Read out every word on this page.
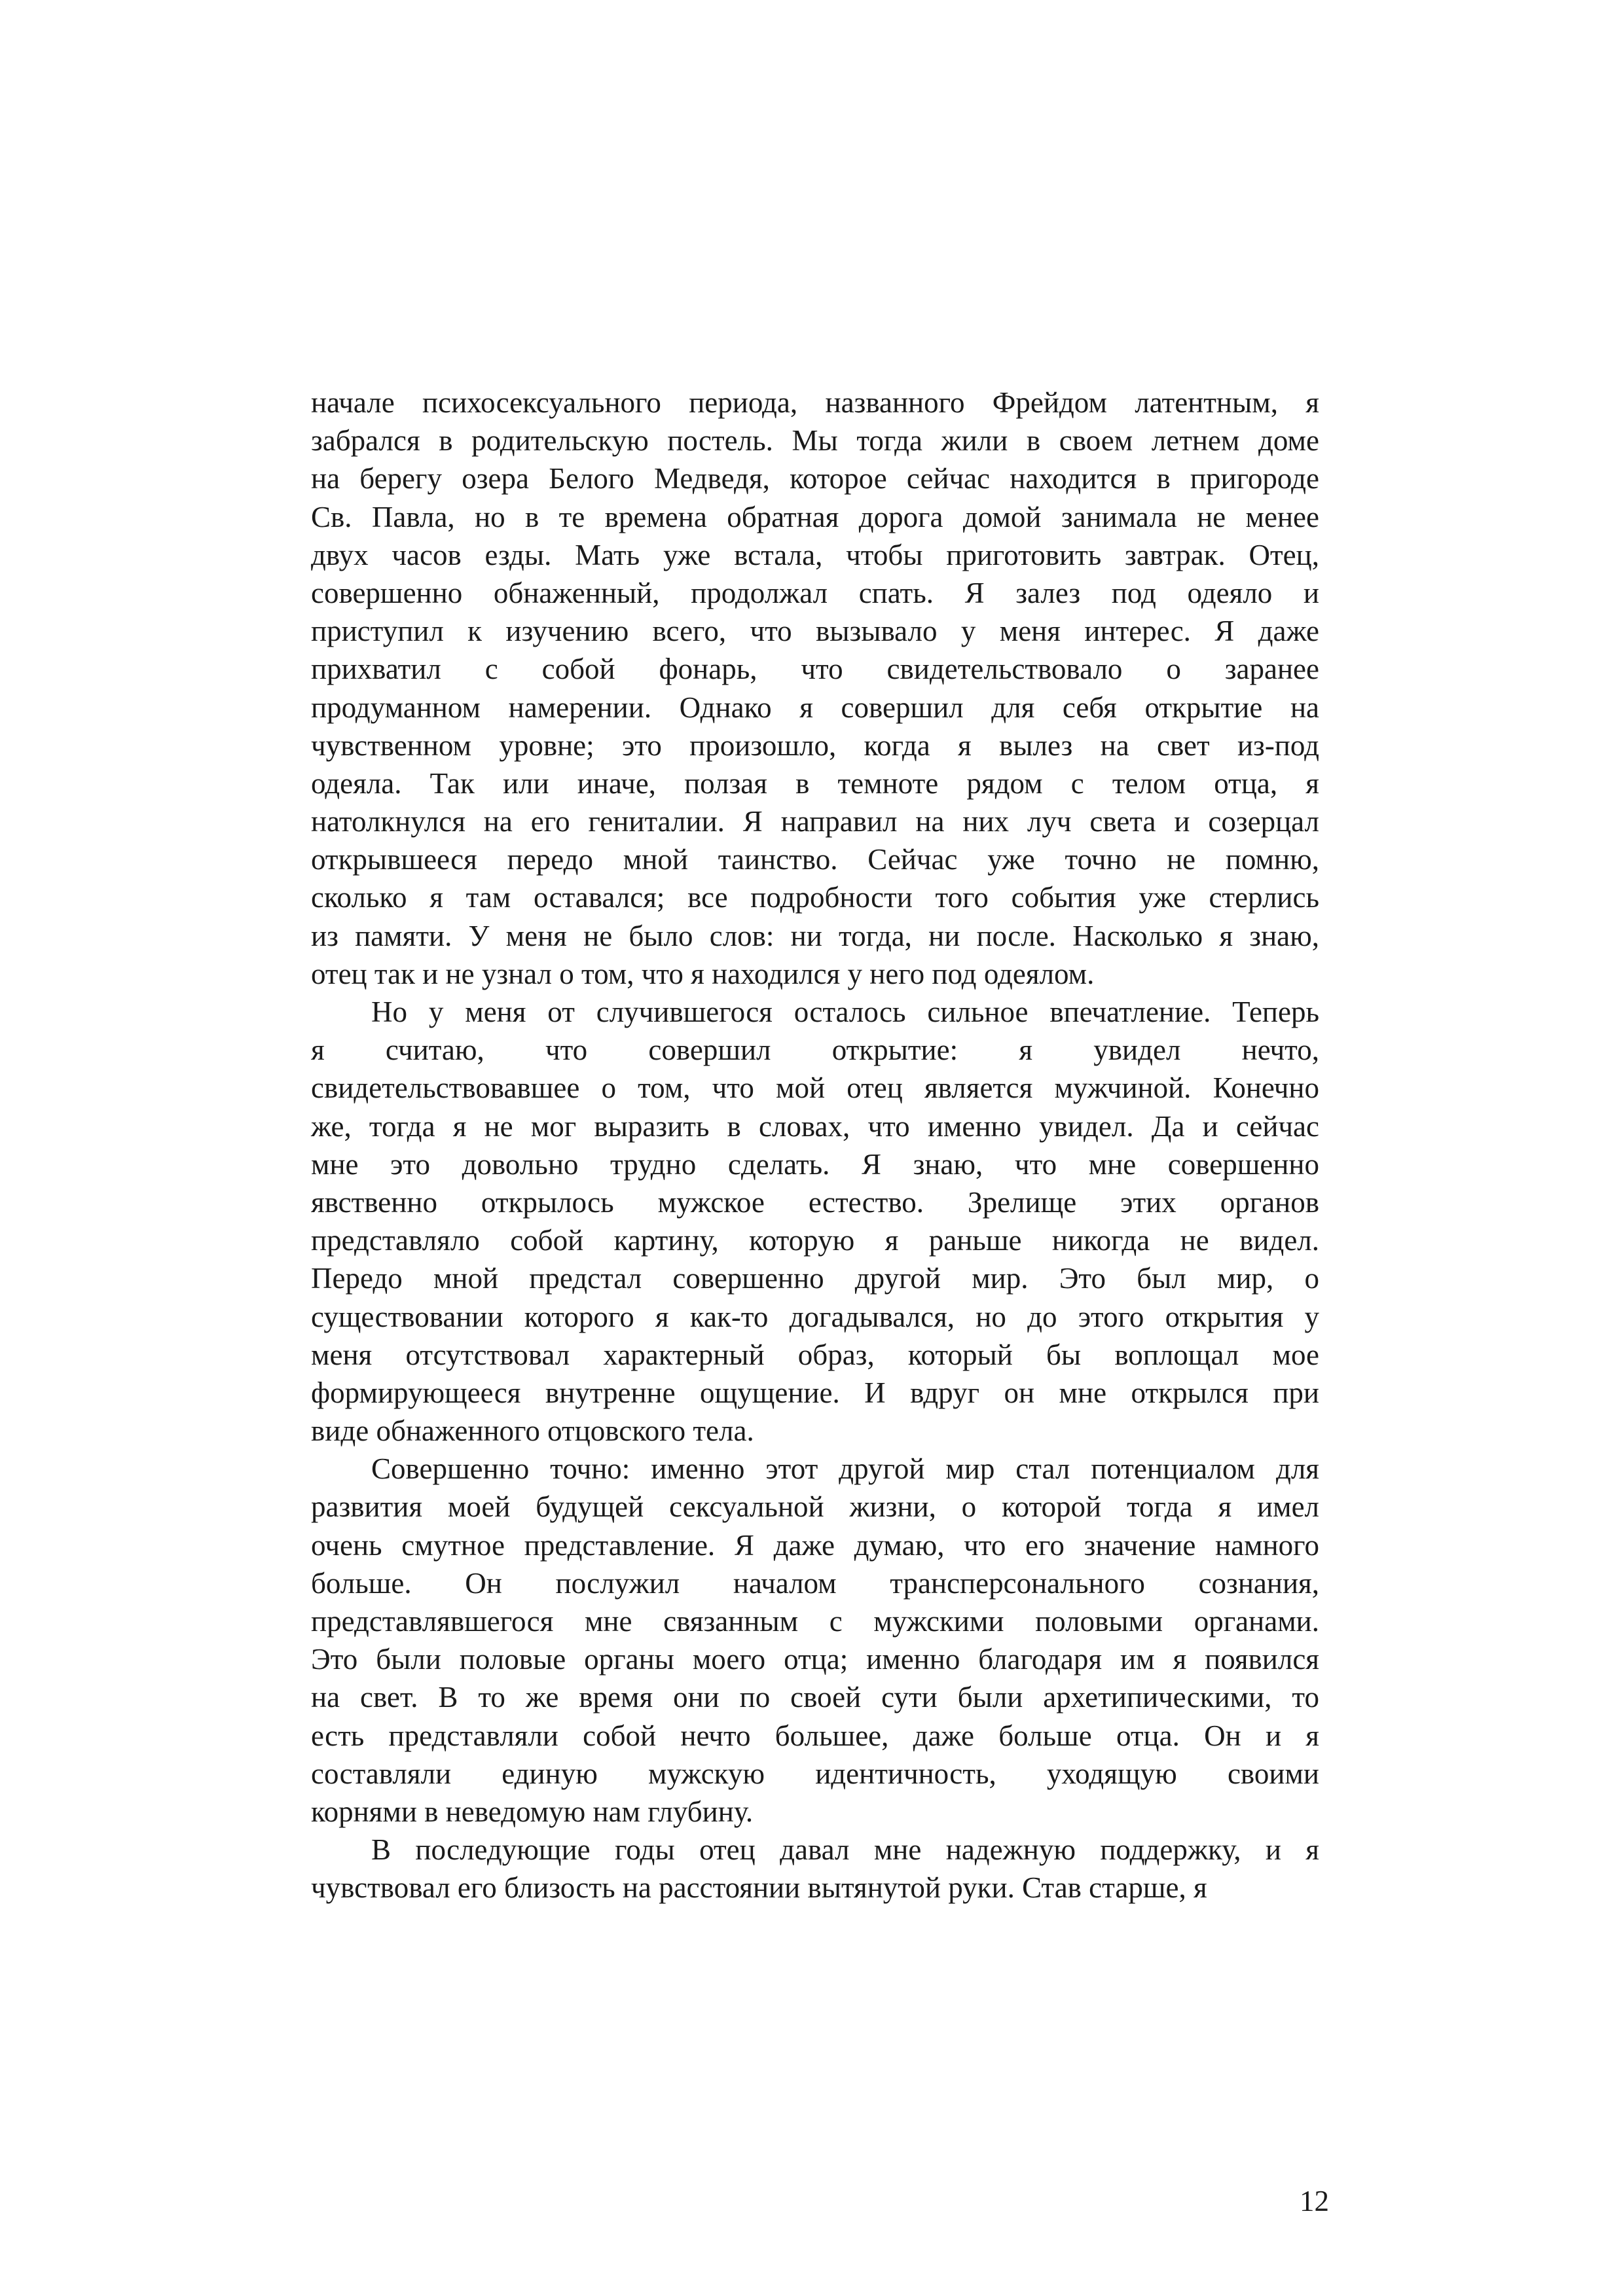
начале психосексуального периода, названного Фрейдом латентным, я
забрался в родительскую постель. Мы тогда жили в своем летнем доме
на берегу озера Белого Медведя, которое сейчас находится в пригороде
Св. Павла, но в те времена обратная дорога домой занимала не менее
двух часов езды. Мать уже встала, чтобы приготовить завтрак. Отец,
совершенно обнаженный, продолжал спать. Я залез под одеяло и
приступил к изучению всего, что вызывало у меня интерес. Я даже
прихватил с собой фонарь, что свидетельствовало о заранее
продуманном намерении. Однако я совершил для себя открытие на
чувственном уровне; это произошло, когда я вылез на свет из-под
одеяла. Так или иначе, ползая в темноте рядом с телом отца, я
натолкнулся на его гениталии. Я направил на них луч света и созерцал
открывшееся передо мной таинство. Сейчас уже точно не помню,
сколько я там оставался; все подробности того события уже стерлись
из памяти. У меня не было слов: ни тогда, ни после. Насколько я знаю,
отец так и не узнал о том, что я находился у него под одеялом.
Но у меня от случившегося осталось сильное впечатление. Теперь
я считаю, что совершил открытие: я увидел нечто,
свидетельствовавшее о том, что мой отец является мужчиной. Конечно
же, тогда я не мог выразить в словах, что именно увидел. Да и сейчас
мне это довольно трудно сделать. Я знаю, что мне совершенно
явственно открылось мужское естество. Зрелище этих органов
представляло собой картину, которую я раньше никогда не видел.
Передо мной предстал совершенно другой мир. Это был мир, о
существовании которого я как-то догадывался, но до этого открытия у
меня отсутствовал характерный образ, который бы воплощал мое
формирующееся внутренне ощущение. И вдруг он мне открылся при
виде обнаженного отцовского тела.
Совершенно точно: именно этот другой мир стал потенциалом для
развития моей будущей сексуальной жизни, о которой тогда я имел
очень смутное представление. Я даже думаю, что его значение намного
больше. Он послужил началом трансперсонального сознания,
представлявшегося мне связанным с мужскими половыми органами.
Это были половые органы моего отца; именно благодаря им я появился
на свет. В то же время они по своей сути были архетипическими, то
есть представляли собой нечто большее, даже больше отца. Он и я
составляли единую мужскую идентичность, уходящую своими
корнями в неведомую нам глубину.
В последующие годы отец давал мне надежную поддержку, и я
чувствовал его близость на расстоянии вытянутой руки. Став старше, я
12
